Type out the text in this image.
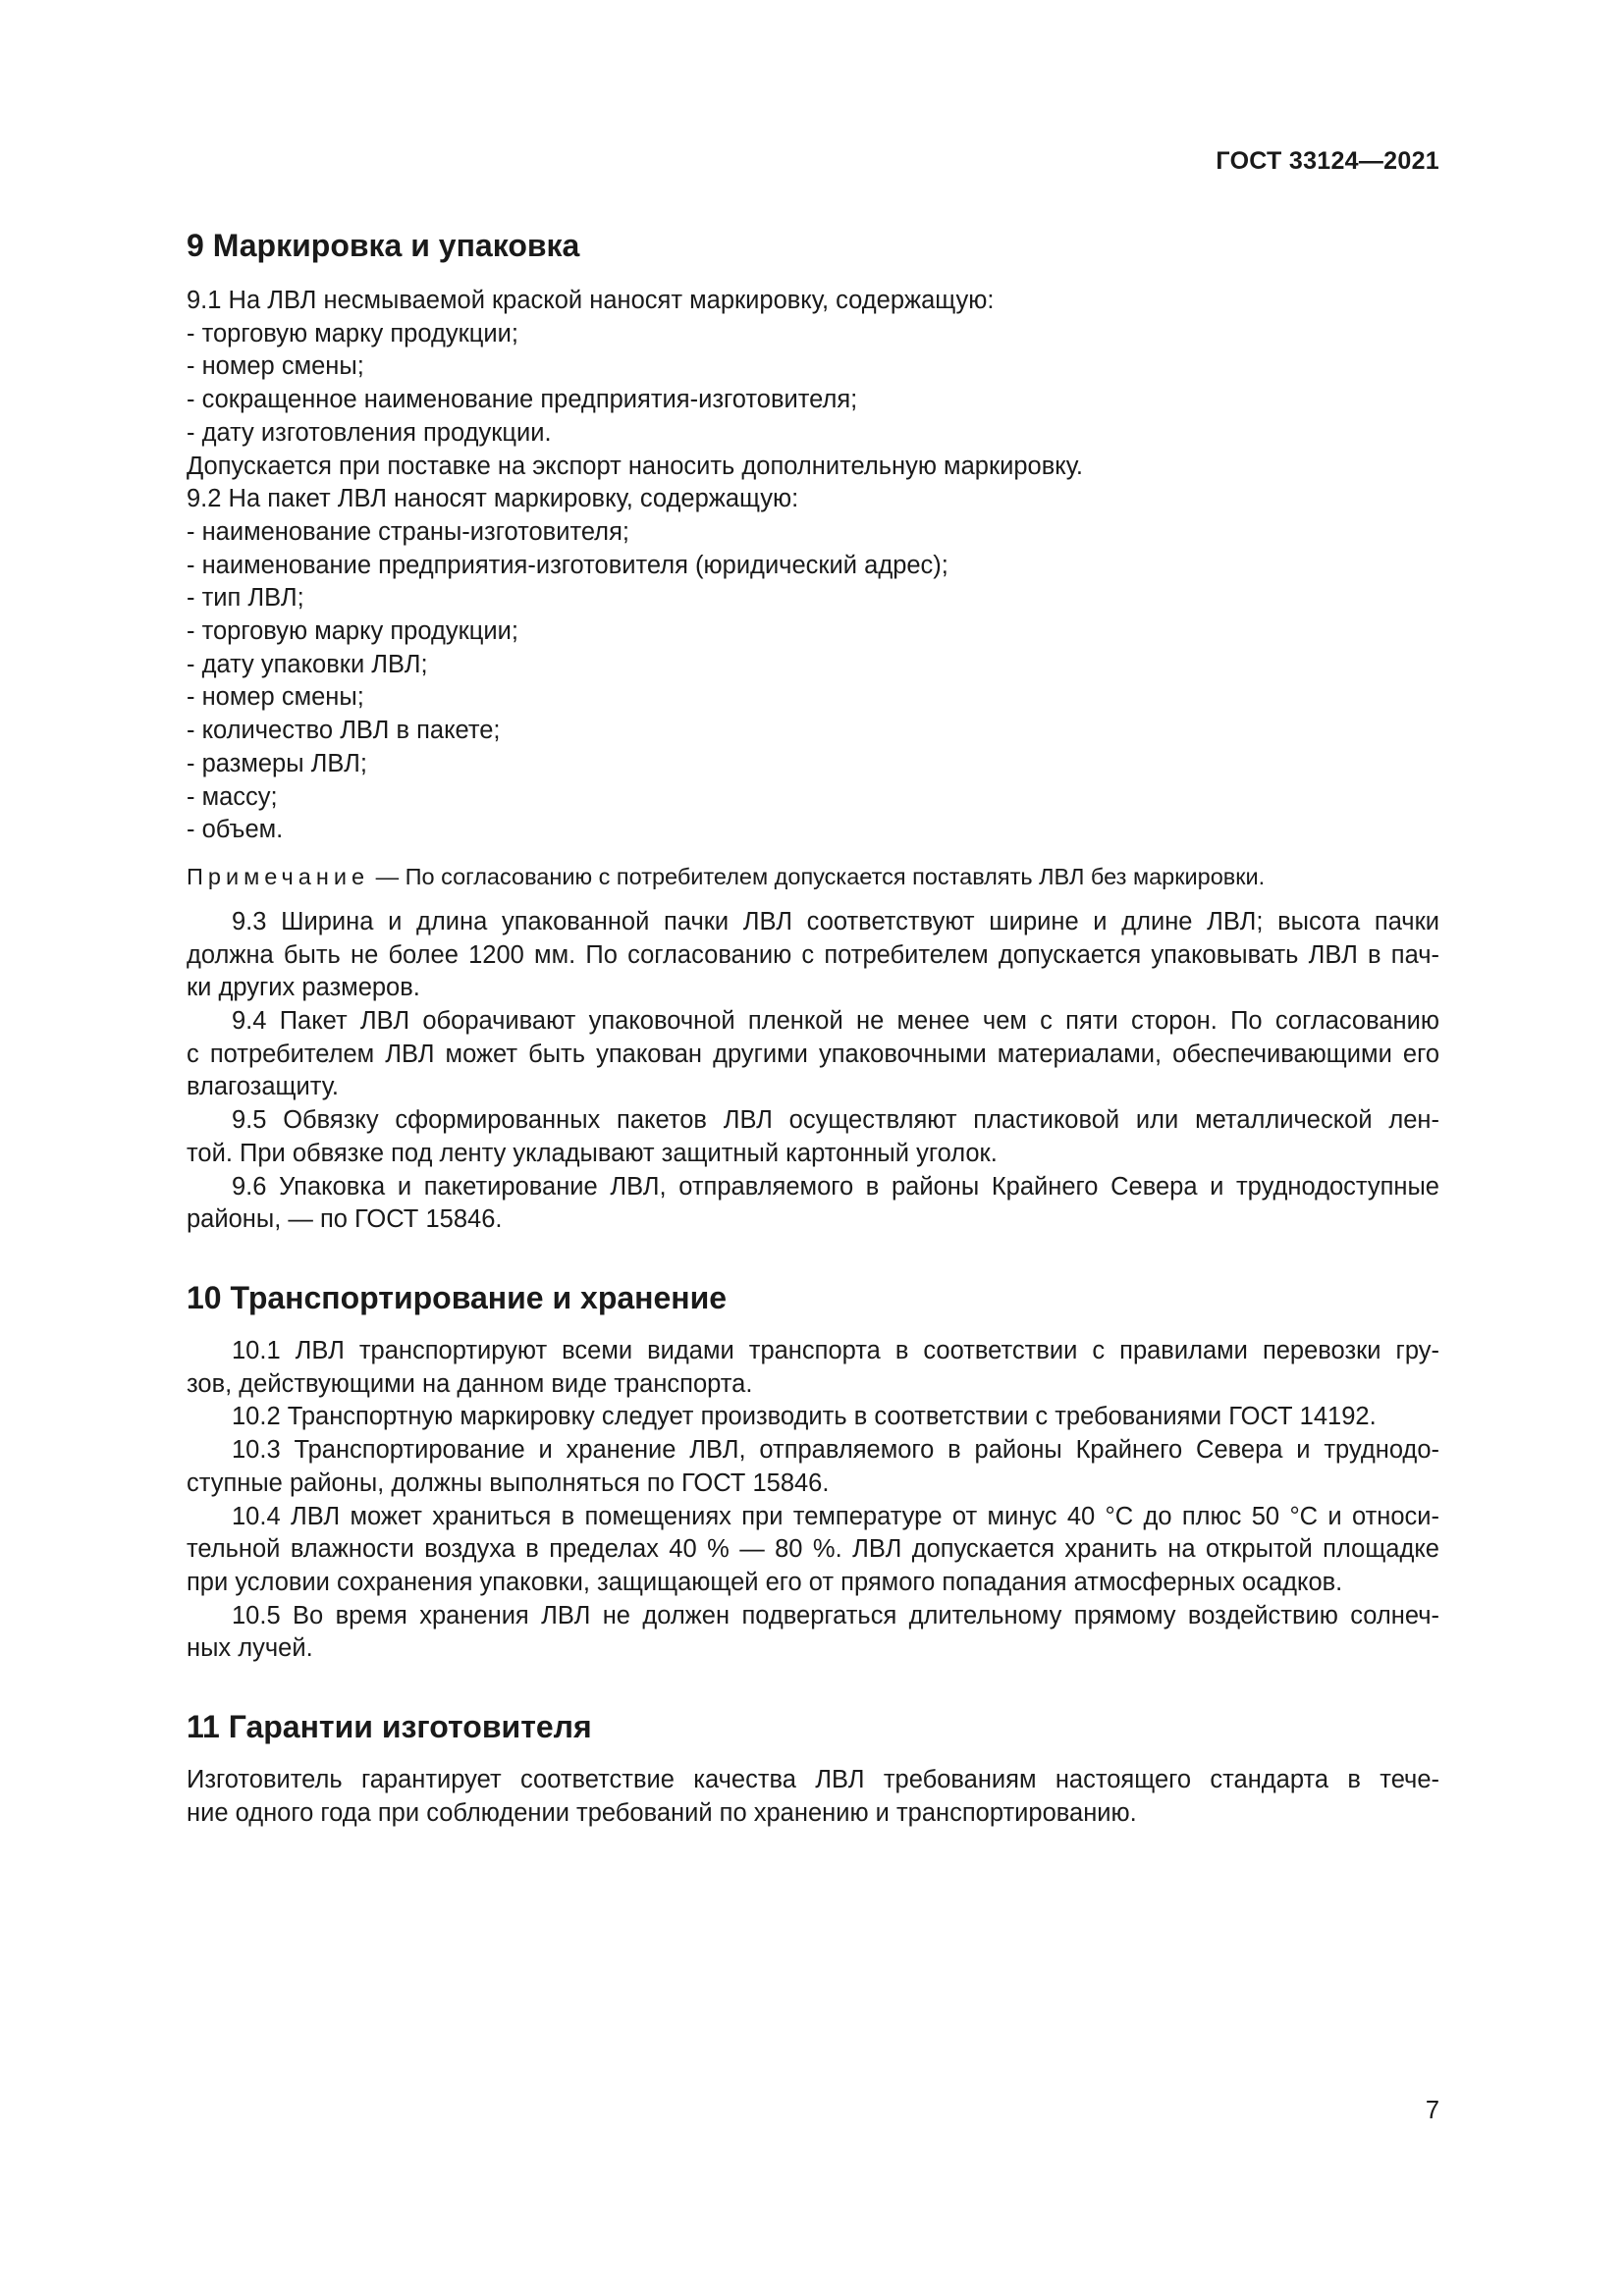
ГОСТ 33124—2021
9 Маркировка и упаковка

9.1 На ЛВЛ несмываемой краской наносят маркировку, содержащую:

- торговую марку продукции;

- номер смены;

- сокращенное наименование предприятия-изготовителя;

- дату изготовления продукции.

Допускается при поставке на экспорт наносить дополнительную маркировку.

9.2 На пакет ЛВЛ наносят маркировку, содержащую:

- наименование страны-изготовителя;

- наименование предприятия-изготовителя (юридический адрес);

- тип ЛВЛ;

- торговую марку продукции;

- дату упаковки ЛВЛ;

- номер смены;

- количество ЛВЛ в пакете;

- размеры ЛВЛ;

- массу;

- объем.

Примечание — По согласованию с потребителем допускается поставлять ЛВЛ без маркировки.

9.3 Ширина и длина упакованной пачки ЛВЛ соответствуют ширине и длине ЛВЛ; высота пачки
должна быть не более 1200 мм. По согласованию с потребителем допускается упаковывать ЛВЛ в пач-
ки других размеров.
9.4 Пакет ЛВЛ оборачивают упаковочной пленкой не менее чем с пяти сторон. По согласованию
с потребителем ЛВЛ может быть упакован другими упаковочными материалами, обеспечивающими его
влагозащиту.
9.5 Обвязку сформированных пакетов ЛВЛ осуществляют пластиковой или металлической лен-
той. При обвязке под ленту укладывают защитный картонный уголок.
9.6 Упаковка и пакетирование ЛВЛ, отправляемого в районы Крайнего Севера и труднодоступные
районы, — по ГОСТ 15846.
10 Транспортирование и хранение
10.1 ЛВЛ транспортируют всеми видами транспорта в соответствии с правилами перевозки гру-
зов, действующими на данном виде транспорта.
10.2 Транспортную маркировку следует производить в соответствии с требованиями ГОСТ 14192.
10.3 Транспортирование и хранение ЛВЛ, отправляемого в районы Крайнего Севера и труднодо-
ступные районы, должны выполняться по ГОСТ 15846.
10.4 ЛВЛ может храниться в помещениях при температуре от минус 40 °С до плюс 50 °С и относи-
тельной влажности воздуха в пределах 40 % — 80 %. ЛВЛ допускается хранить на открытой площадке
при условии сохранения упаковки, защищающей его от прямого попадания атмосферных осадков.
10.5 Во время хранения ЛВЛ не должен подвергаться длительному прямому воздействию солнеч-
ных лучей.
11 Гарантии изготовителя
Изготовитель гарантирует соответствие качества ЛВЛ требованиям настоящего стандарта в тече-
ние одного года при соблюдении требований по хранению и транспортированию.
7
